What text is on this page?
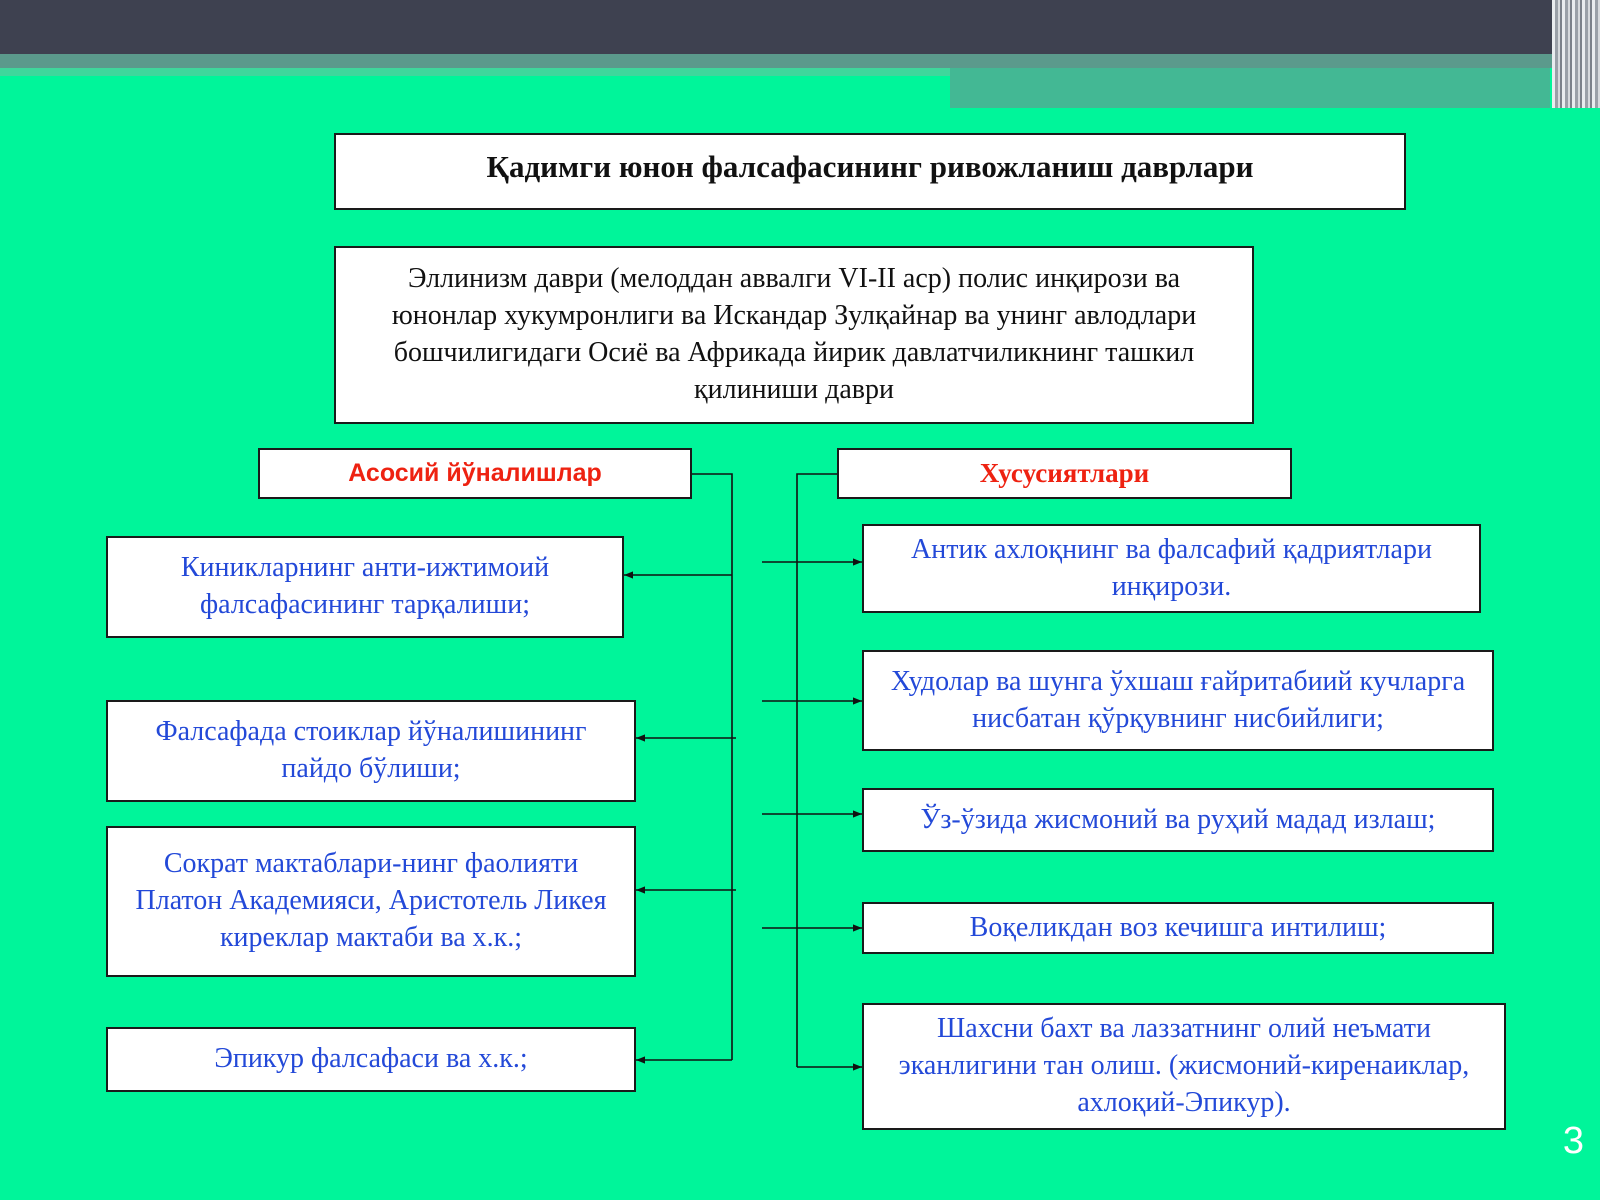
Қадимги юнон фалсафасининг ривожланиш даврлари
Эллинизм даври (мелоддан аввалги VI-II аср) полис инқирози ва юнонлар хукумронлиги ва Искандар Зулқайнар ва унинг авлодлари бошчилигидаги Осиё ва Африкада йирик давлатчиликнинг ташкил қилиниши даври
Асосий йўналишлар	Хусусиятлари
Киникларнинг анти-ижтимоий фалсафасининг тарқалиши;
Фалсафада стоиклар йўналишининг пайдо бўлиши;
Сократ мактаблари-нинг фаолияти Платон Академияси, Аристотель Ликея киреклар мактаби ва х.к.;
Эпикур фалсафаси ва х.к.;
Антик ахлоқнинг ва фалсафий қадриятлари инқирози.
Худолар ва шунга ўхшаш ғайритабиий кучларга нисбатан қўрқувнинг нисбийлиги;
Ўз-ўзида жисмоний ва руҳий мадад излаш;
Воқеликдан воз кечишга интилиш;
Шахсни бахт ва лаззатнинг олий неъмати эканлигини тан олиш. (жисмоний-киренаиклар, ахлоқий-Эпикур).
3
